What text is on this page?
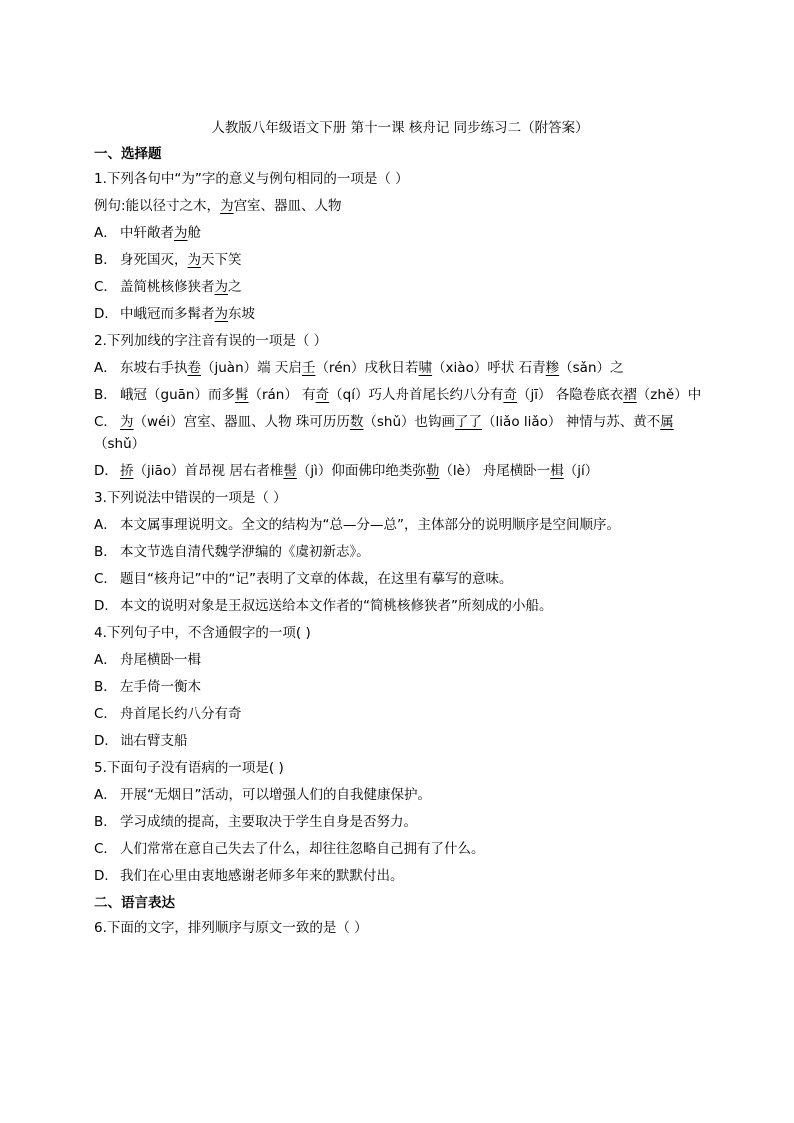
人教版八年级语文下册 第十一课 核舟记 同步练习二（附答案）
一、选择题
1.下列各句中“为”字的意义与例句相同的一项是（ ）
例句:能以径寸之木，为宫室、器皿、人物
A． 中轩敞者为舱
B． 身死国灭，为天下笑
C． 盖简桃核修狭者为之
D． 中峨冠而多髯者为东坡
2.下列加线的字注音有误的一项是（ ）
A． 东坡右手执卷（juàn）端 天启壬（rén）戌秋日若啸（xiào）呼状 石青糁（sǎn）之
B． 峨冠（guān）而多髯（rán） 有奇（qí）巧人舟首尾长约八分有奇（jī） 各隐卷底衣褶（zhě）中
C． 为（wéi）宫室、器皿、人物 珠可历历数（shǔ）也钩画了了（liǎo liǎo） 神情与苏、黄不属（shǔ）
D． 挢（jiāo）首昂视 居右者椎髻（jì）仰面佛印绝类弥勒（lè） 舟尾横卧一楫（jí）
3.下列说法中错误的一项是（ ）
A． 本文属事理说明文。全文的结构为“总—分—总”，主体部分的说明顺序是空间顺序。
B． 本文节选自清代魏学洢编的《虞初新志》。
C． 题目“核舟记”中的“记”表明了文章的体裁，在这里有摹写的意味。
D． 本文的说明对象是王叔远送给本文作者的“简桃核修狭者”所刻成的小船。
4.下列句子中，不含通假字的一项( )
A． 舟尾横卧一楫
B． 左手倚一衡木
C． 舟首尾长约八分有奇
D． 诎右臂支船
5.下面句子没有语病的一项是( )
A． 开展“无烟日”活动，可以增强人们的自我健康保护。
B． 学习成绩的提高，主要取决于学生自身是否努力。
C． 人们常常在意自己失去了什么，却往往忽略自己拥有了什么。
D． 我们在心里由衷地感谢老师多年来的默默付出。
二、语言表达
6.下面的文字，排列顺序与原文一致的是（ ）
